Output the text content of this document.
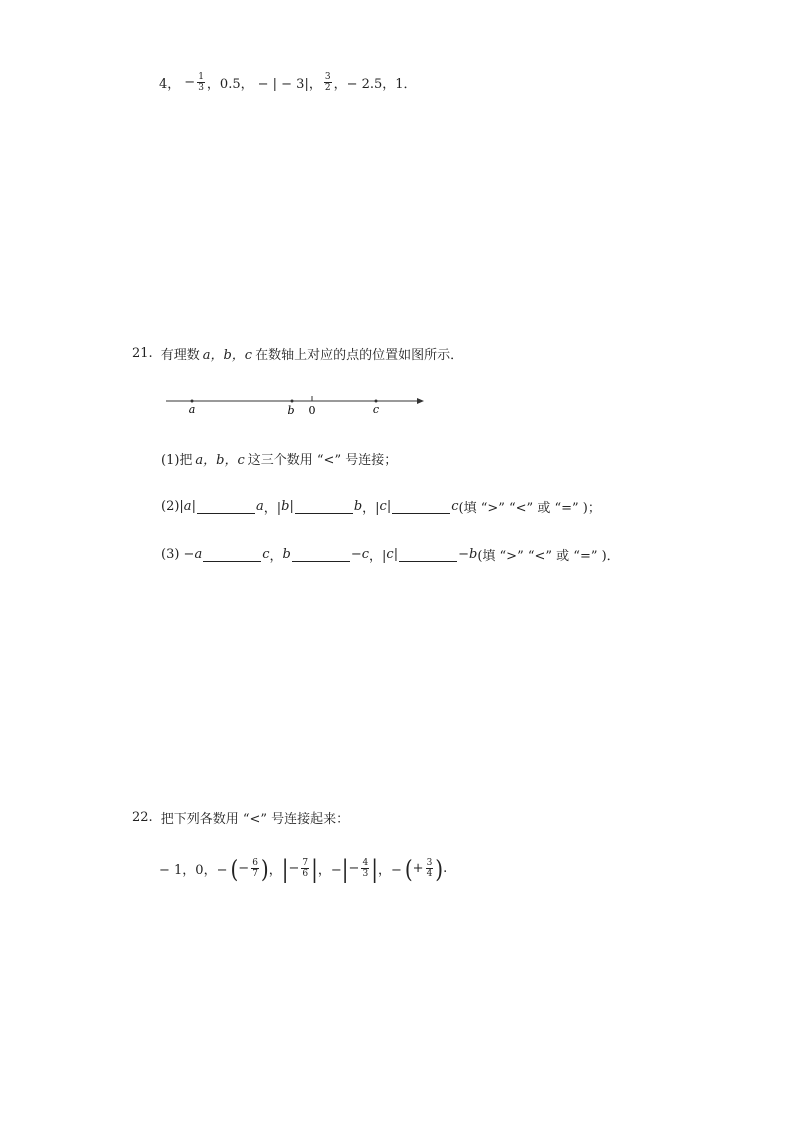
4， − $\frac{1}{3}$ ，0.5， − | − 3|， $\frac{3}{2}$ ，− 2.5，1．
21. 有理数 a，b，c 在数轴上对应的点的位置如图所示．
a	b 0	c
(1)把 a，b，c 这三个数用 “<” 号连接；
(2)| a |	a ，| b |	b ，| c |	c (填 “>” “<” 或 “=” )；
(3) − a	c ， b	− c ，| c |	− b (填 “>” “<” 或 “=” )．
22. 把下列各数用 “<” 号连接起来：
− 1，0，− ( − $\frac{6}{7}$ ) ， | − $\frac{7}{6}$ | ，− | − $\frac{4}{3}$ | ，− ( + $\frac{3}{4}$ ) .
